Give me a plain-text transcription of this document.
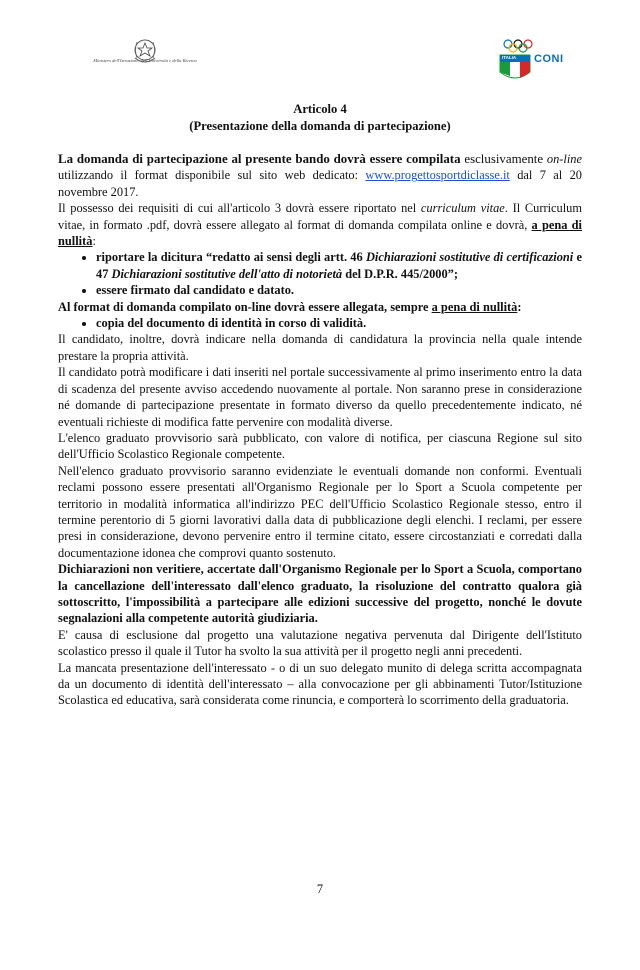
Ministero dell'Istruzione, dell'Università e della Ricerca
ITALIA CONI
Articolo 4
(Presentazione della domanda di partecipazione)

La domanda di partecipazione al presente bando dovrà essere compilata esclusivamente on-line utilizzando il format disponibile sul sito web dedicato: www.progettosportdiclasse.it dal 7 al 20 novembre 2017.

Il possesso dei requisiti di cui all'articolo 3 dovrà essere riportato nel curriculum vitae. Il Curriculum vitae, in formato .pdf, dovrà essere allegato al format di domanda compilata online e dovrà, a pena di nullità:

• riportare la dicitura “redatto ai sensi degli artt. 46 Dichiarazioni sostitutive di certificazioni e 47 Dichiarazioni sostitutive dell'atto di notorietà del D.P.R. 445/2000”;
• essere firmato dal candidato e datato.

Al format di domanda compilato on-line dovrà essere allegata, sempre a pena di nullità:

• copia del documento di identità in corso di validità.

Il candidato, inoltre, dovrà indicare nella domanda di candidatura la provincia nella quale intende prestare la propria attività.

Il candidato potrà modificare i dati inseriti nel portale successivamente al primo inserimento entro la data di scadenza del presente avviso accedendo nuovamente al portale. Non saranno prese in considerazione né domande di partecipazione presentate in formato diverso da quello precedentemente indicato, né eventuali richieste di modifica fatte pervenire con modalità diverse.

L'elenco graduato provvisorio sarà pubblicato, con valore di notifica, per ciascuna Regione sul sito dell'Ufficio Scolastico Regionale competente.

Nell'elenco graduato provvisorio saranno evidenziate le eventuali domande non conformi. Eventuali reclami possono essere presentati all'Organismo Regionale per lo Sport a Scuola competente per territorio in modalità informatica all'indirizzo PEC dell'Ufficio Scolastico Regionale stesso, entro il termine perentorio di 5 giorni lavorativi dalla data di pubblicazione degli elenchi. I reclami, per essere presi in considerazione, devono pervenire entro il termine citato, essere circostanziati e corredati dalla documentazione idonea che comprovi quanto sostenuto.

Dichiarazioni non veritiere, accertate dall'Organismo Regionale per lo Sport a Scuola, comportano la cancellazione dell'interessato dall'elenco graduato, la risoluzione del contratto qualora già sottoscritto, l'impossibilità a partecipare alle edizioni successive del progetto, nonché le dovute segnalazioni alla competente autorità giudiziaria.

E' causa di esclusione dal progetto una valutazione negativa pervenuta dal Dirigente dell'Istituto scolastico presso il quale il Tutor ha svolto la sua attività per il progetto negli anni precedenti.

La mancata presentazione dell'interessato - o di un suo delegato munito di delega scritta accompagnata da un documento di identità dell'interessato – alla convocazione per gli abbinamenti Tutor/Istituzione Scolastica ed educativa, sarà considerata come rinuncia, e comporterà lo scorrimento della graduatoria.

7
